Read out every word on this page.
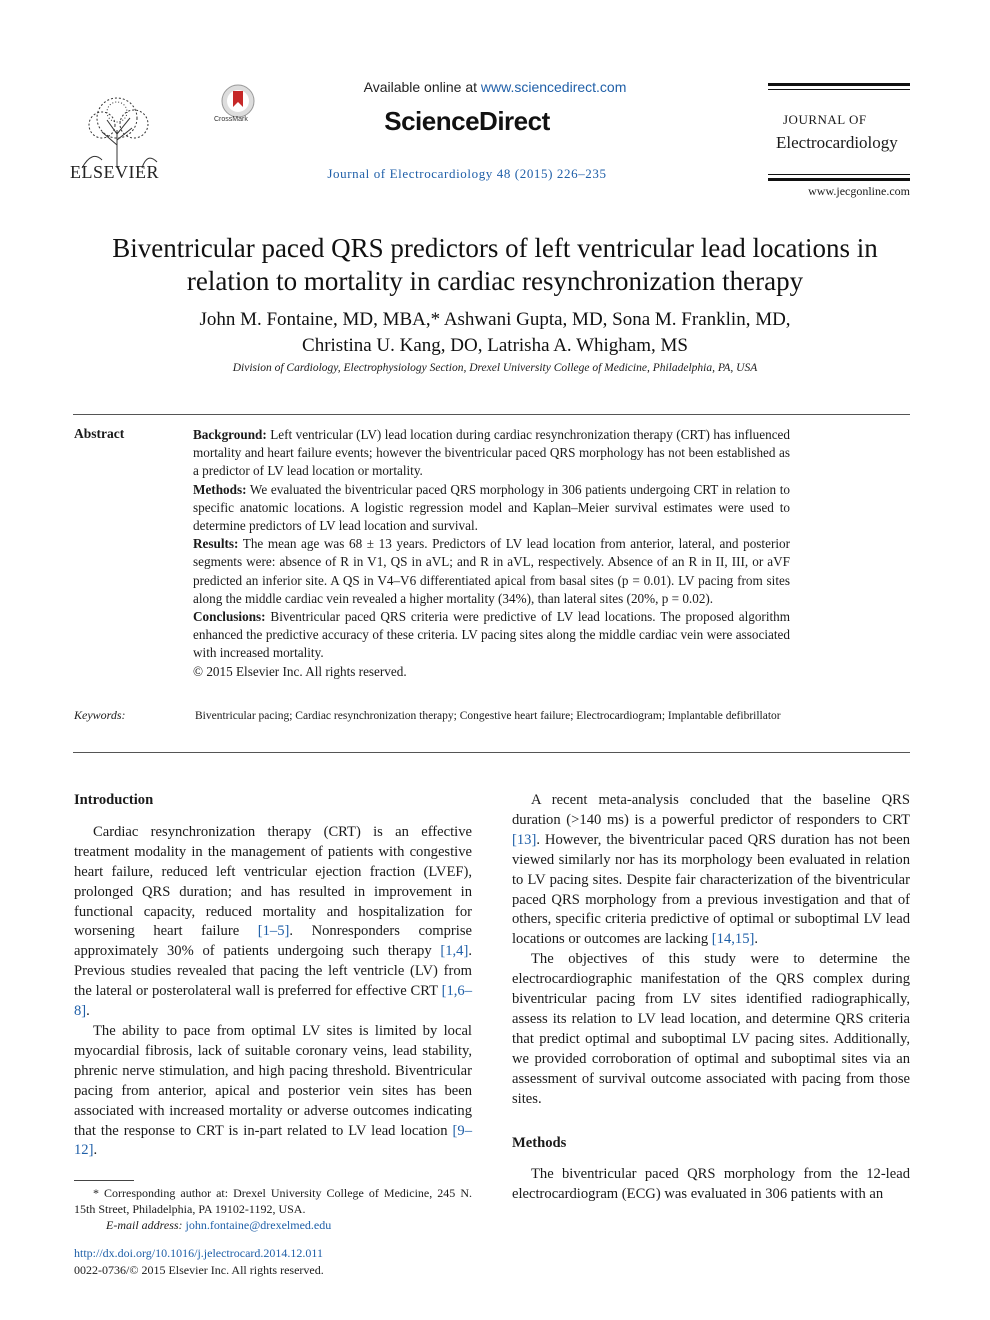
ELSEVIER
CrossMark
Available online at www.sciencedirect.com
ScienceDirect
Journal of Electrocardiology 48 (2015) 226–235
JOURNAL OF
Electrocardiology
www.jecgonline.com
Biventricular paced QRS predictors of left ventricular lead locations in
relation to mortality in cardiac resynchronization therapy
John M. Fontaine, MD, MBA,* Ashwani Gupta, MD, Sona M. Franklin, MD,
Christina U. Kang, DO, Latrisha A. Whigham, MS
Division of Cardiology, Electrophysiology Section, Drexel University College of Medicine, Philadelphia, PA, USA
Abstract	Background: Left ventricular (LV) lead location during cardiac resynchronization therapy (CRT) has influenced mortality and heart failure events; however the biventricular paced QRS morphology has not been established as a predictor of LV lead location or mortality.

Methods: We evaluated the biventricular paced QRS morphology in 306 patients undergoing CRT in relation to specific anatomic locations. A logistic regression model and Kaplan–Meier survival estimates were used to determine predictors of LV lead location and survival.

Results: The mean age was 68 ± 13 years. Predictors of LV lead location from anterior, lateral, and posterior segments were: absence of R in V1, QS in aVL; and R in aVL, respectively. Absence of an R in II, III, or aVF predicted an inferior site. A QS in V4–V6 differentiated apical from basal sites (p = 0.01). LV pacing from sites along the middle cardiac vein revealed a higher mortality (34%), than lateral sites (20%, p = 0.02).

Conclusions: Biventricular paced QRS criteria were predictive of LV lead locations. The proposed algorithm enhanced the predictive accuracy of these criteria. LV pacing sites along the middle cardiac vein were associated with increased mortality.

© 2015 Elsevier Inc. All rights reserved.

Keywords:	Biventricular pacing; Cardiac resynchronization therapy; Congestive heart failure; Electrocardiogram; Implantable defibrillator
Introduction

Cardiac resynchronization therapy (CRT) is an effective treatment modality in the management of patients with congestive heart failure, reduced left ventricular ejection fraction (LVEF), prolonged QRS duration; and has resulted in improvement in functional capacity, reduced mortality and hospitalization for worsening heart failure [1–5]. Nonresponders comprise approximately 30% of patients undergoing such therapy [1,4]. Previous studies revealed that pacing the left ventricle (LV) from the lateral or posterolateral wall is preferred for effective CRT [1,6–8].

The ability to pace from optimal LV sites is limited by local myocardial fibrosis, lack of suitable coronary veins, lead stability, phrenic nerve stimulation, and high pacing threshold. Biventricular pacing from anterior, apical and posterior vein sites has been associated with increased mortality or adverse outcomes indicating that the response to CRT is in-part related to LV lead location [9–12].

* Corresponding author at: Drexel University College of Medicine, 245 N. 15th Street, Philadelphia, PA 19102-1192, USA.
E-mail address: john.fontaine@drexelmed.edu
http://dx.doi.org/10.1016/j.jelectrocard.2014.12.011
0022-0736/© 2015 Elsevier Inc. All rights reserved.

A recent meta-analysis concluded that the baseline QRS duration (>140 ms) is a powerful predictor of responders to CRT [13]. However, the biventricular paced QRS duration has not been viewed similarly nor has its morphology been evaluated in relation to LV pacing sites. Despite fair characterization of the biventricular paced QRS morphology from a previous investigation and that of others, specific criteria predictive of optimal or suboptimal LV lead locations or outcomes are lacking [14,15].

The objectives of this study were to determine the electrocardiographic manifestation of the QRS complex during biventricular pacing from LV sites identified radiographically, assess its relation to LV lead location, and determine QRS criteria that predict optimal and suboptimal LV pacing sites. Additionally, we provided corroboration of optimal and suboptimal sites via an assessment of survival outcome associated with pacing from those sites.

Methods

The biventricular paced QRS morphology from the 12-lead electrocardiogram (ECG) was evaluated in 306 patients with an
